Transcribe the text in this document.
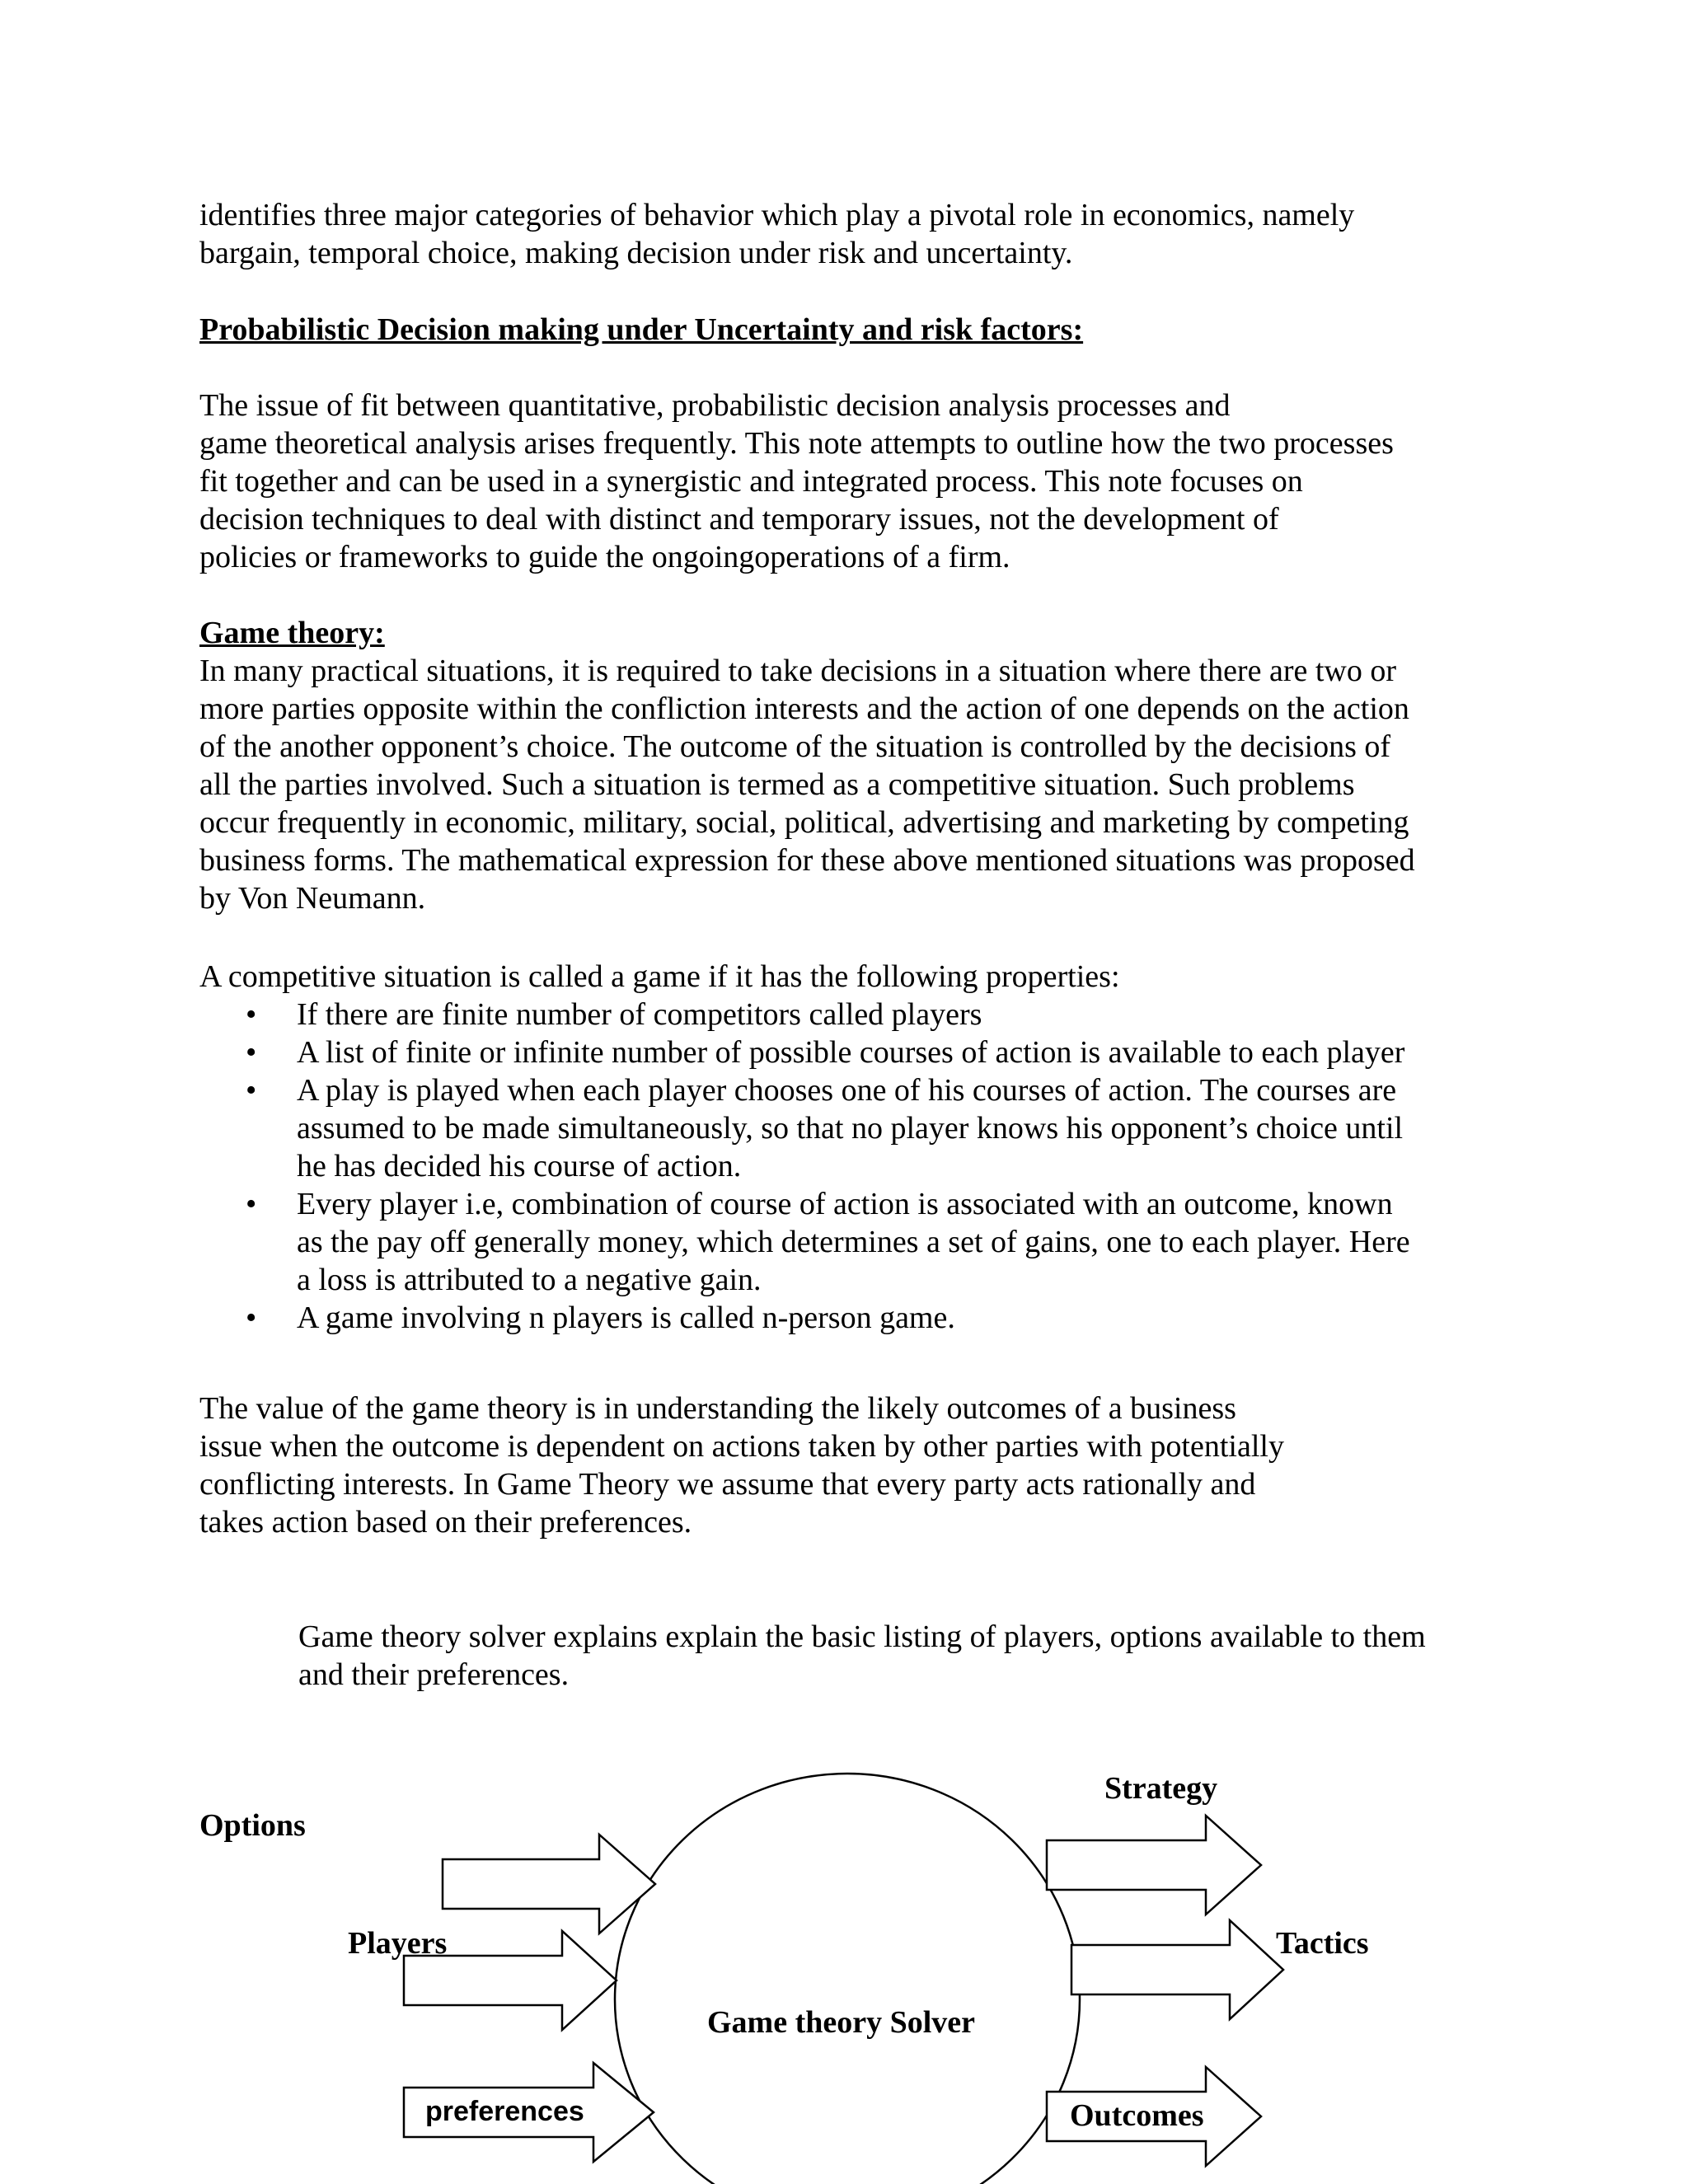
identifies three major categories of behavior which play a pivotal role in economics, namely
bargain, temporal choice, making decision under risk and uncertainty.

Probabilistic Decision making under Uncertainty and risk factors:

The issue of fit between quantitative, probabilistic decision analysis processes and
game theoretical analysis arises frequently. This note attempts to outline how the two processes
fit together and can be used in a synergistic and integrated process. This note focuses on
decision techniques to deal with distinct and temporary issues, not the development of
policies or frameworks to guide the ongoingoperations of a firm.

Game theory:

In many practical situations, it is required to take decisions in a situation where there are two or
more parties opposite within the confliction interests and the action of one depends on the action
of the another opponent’s choice. The outcome of the situation is controlled by the decisions of
all the parties involved. Such a situation is termed as a competitive situation. Such problems
occur frequently in economic, military, social, political, advertising and marketing by competing
business forms. The mathematical expression for these above mentioned situations was proposed
by Von Neumann.

A competitive situation is called a game if it has the following properties:

• If there are finite number of competitors called players
• A list of finite or infinite number of possible courses of action is available to each player
• A play is played when each player chooses one of his courses of action. The courses are
assumed to be made simultaneously, so that no player knows his opponent’s choice until
he has decided his course of action.
• Every player i.e, combination of course of action is associated with an outcome, known
as the pay off generally money, which determines a set of gains, one to each player. Here
a loss is attributed to a negative gain.
• A game involving n players is called n-person game.

The value of the game theory is in understanding the likely outcomes of a business
issue when the outcome is dependent on actions taken by other parties with potentially
conflicting interests. In Game Theory we assume that every party acts rationally and
takes action based on their preferences.

Game theory solver explains explain the basic listing of players, options available to them
and their preferences.

Options
Players
preferences
Game theory Solver
Strategy
Tactics
Outcomes
